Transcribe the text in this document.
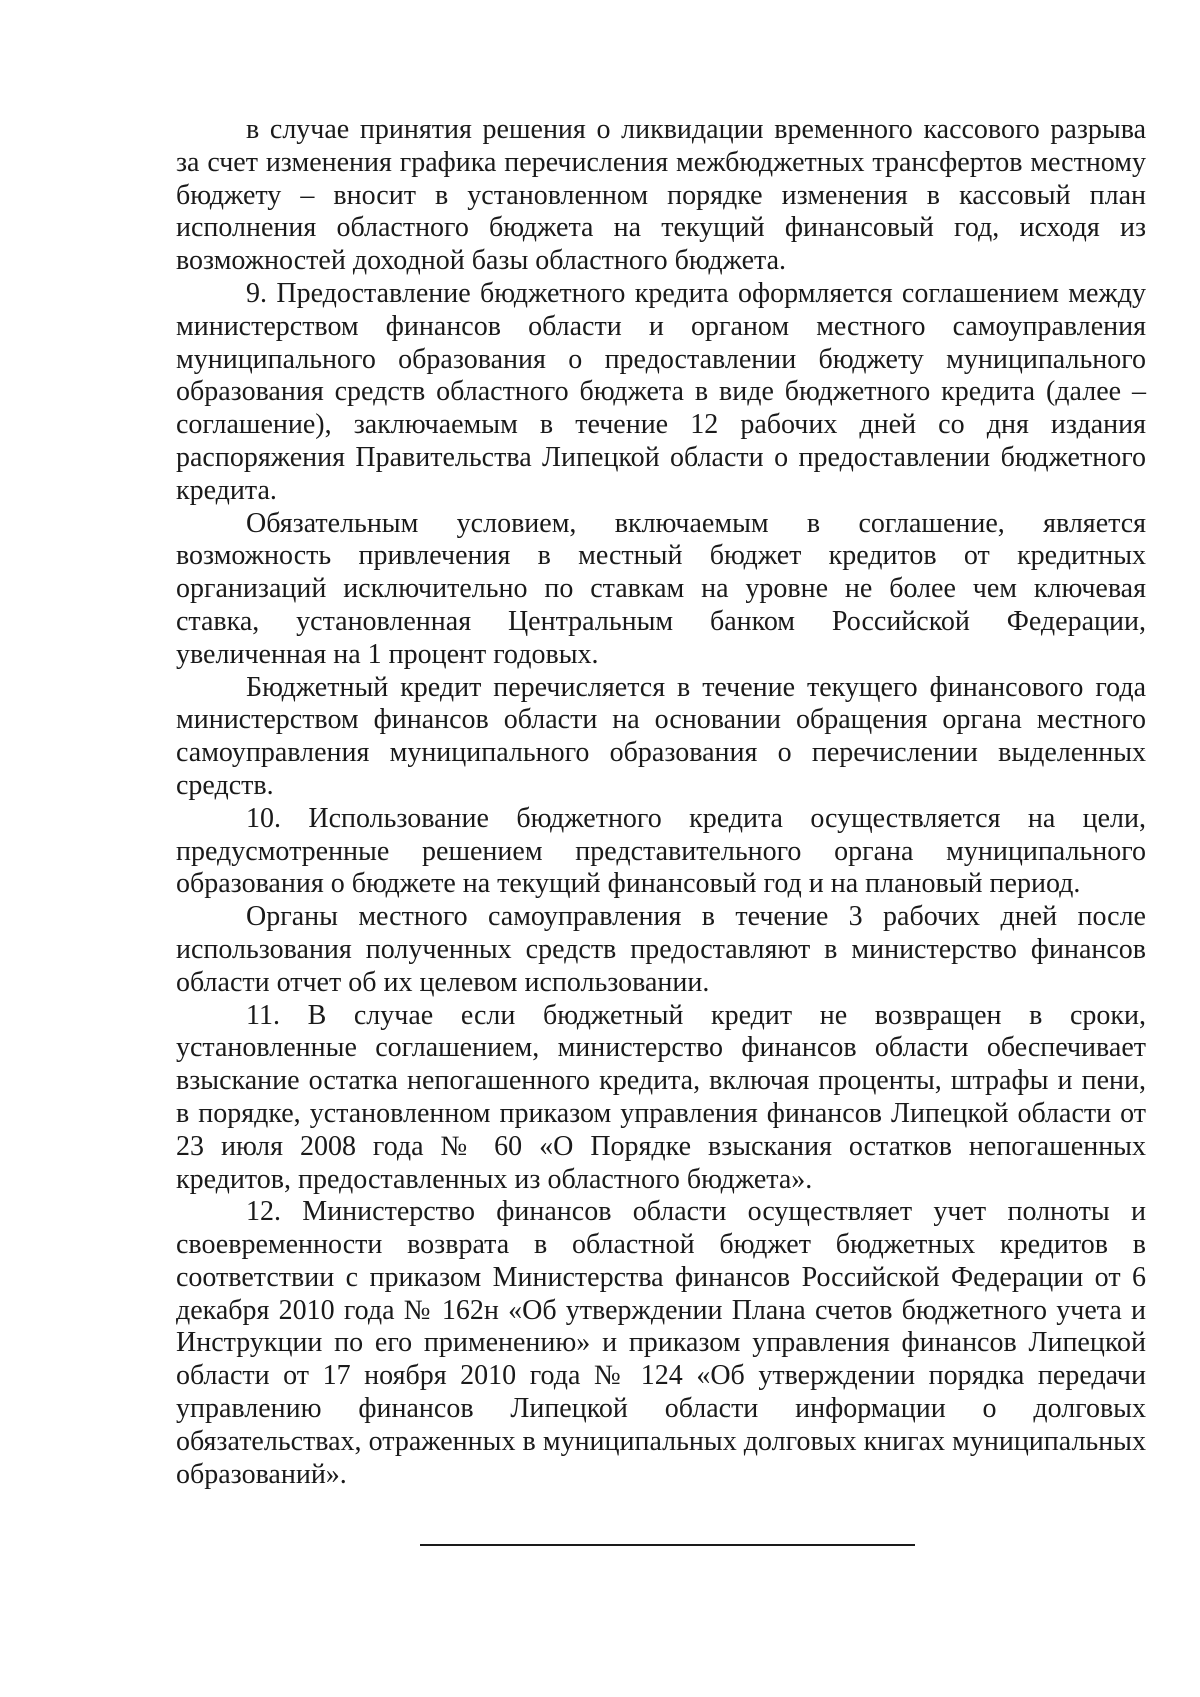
в случае принятия решения о ликвидации временного кассового разрыва за счет изменения графика перечисления межбюджетных трансфертов местному бюджету – вносит в установленном порядке изменения в кассовый план исполнения областного бюджета на текущий финансовый год, исходя из возможностей доходной базы областного бюджета.

9. Предоставление бюджетного кредита оформляется соглашением между министерством финансов области и органом местного самоуправления муниципального образования о предоставлении бюджету муниципального образования средств областного бюджета в виде бюджетного кредита (далее – соглашение), заключаемым в течение 12 рабочих дней со дня издания распоряжения Правительства Липецкой области о предоставлении бюджетного кредита.

Обязательным условием, включаемым в соглашение, является возможность привлечения в местный бюджет кредитов от кредитных организаций исключительно по ставкам на уровне не более чем ключевая ставка, установленная Центральным банком Российской Федерации, увеличенная на 1 процент годовых.

Бюджетный кредит перечисляется в течение текущего финансового года министерством финансов области на основании обращения органа местного самоуправления муниципального образования о перечислении выделенных средств.

10. Использование бюджетного кредита осуществляется на цели, предусмотренные решением представительного органа муниципального образования о бюджете на текущий финансовый год и на плановый период.

Органы местного самоуправления в течение 3 рабочих дней после использования полученных средств предоставляют в министерство финансов области отчет об их целевом использовании.

11. В случае если бюджетный кредит не возвращен в сроки, установленные соглашением, министерство финансов области обеспечивает взыскание остатка непогашенного кредита, включая проценты, штрафы и пени, в порядке, установленном приказом управления финансов Липецкой области от 23 июля 2008 года № 60 «О Порядке взыскания остатков непогашенных кредитов, предоставленных из областного бюджета».

12. Министерство финансов области осуществляет учет полноты и своевременности возврата в областной бюджет бюджетных кредитов в соответствии с приказом Министерства финансов Российской Федерации от 6 декабря 2010 года № 162н «Об утверждении Плана счетов бюджетного учета и Инструкции по его применению» и приказом управления финансов Липецкой области от 17 ноября 2010 года № 124 «Об утверждении порядка передачи управлению финансов Липецкой области информации о долговых обязательствах, отраженных в муниципальных долговых книгах муниципальных образований».
